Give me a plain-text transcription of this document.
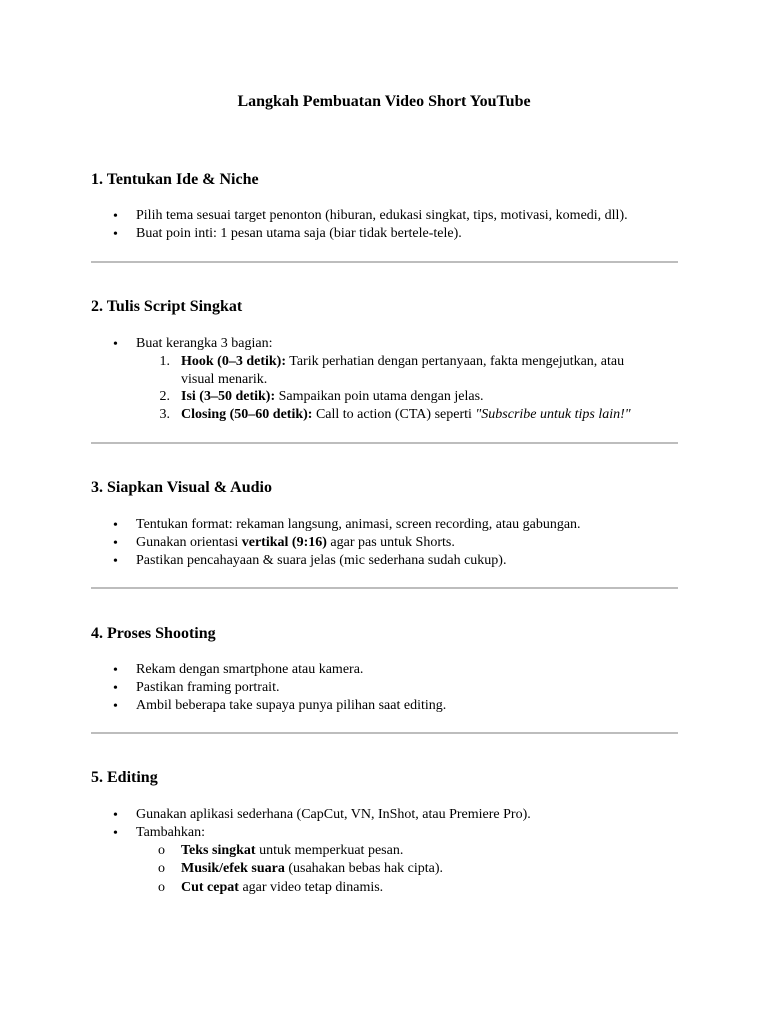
Langkah Pembuatan Video Short YouTube
1. Tentukan Ide & Niche
• Pilih tema sesuai target penonton (hiburan, edukasi singkat, tips, motivasi, komedi, dll).
• Buat poin inti: 1 pesan utama saja (biar tidak bertele-tele).
2. Tulis Script Singkat
• Buat kerangka 3 bagian:
1. Hook (0–3 detik): Tarik perhatian dengan pertanyaan, fakta mengejutkan, atau
visual menarik.
2. Isi (3–50 detik): Sampaikan poin utama dengan jelas.
3. Closing (50–60 detik): Call to action (CTA) seperti "Subscribe untuk tips lain!"
3. Siapkan Visual & Audio
• Tentukan format: rekaman langsung, animasi, screen recording, atau gabungan.
• Gunakan orientasi vertikal (9:16) agar pas untuk Shorts.
• Pastikan pencahayaan & suara jelas (mic sederhana sudah cukup).
4. Proses Shooting
• Rekam dengan smartphone atau kamera.
• Pastikan framing portrait.
• Ambil beberapa take supaya punya pilihan saat editing.
5. Editing
• Gunakan aplikasi sederhana (CapCut, VN, InShot, atau Premiere Pro).
• Tambahkan:
o Teks singkat untuk memperkuat pesan.
o Musik/efek suara (usahakan bebas hak cipta).
o Cut cepat agar video tetap dinamis.
